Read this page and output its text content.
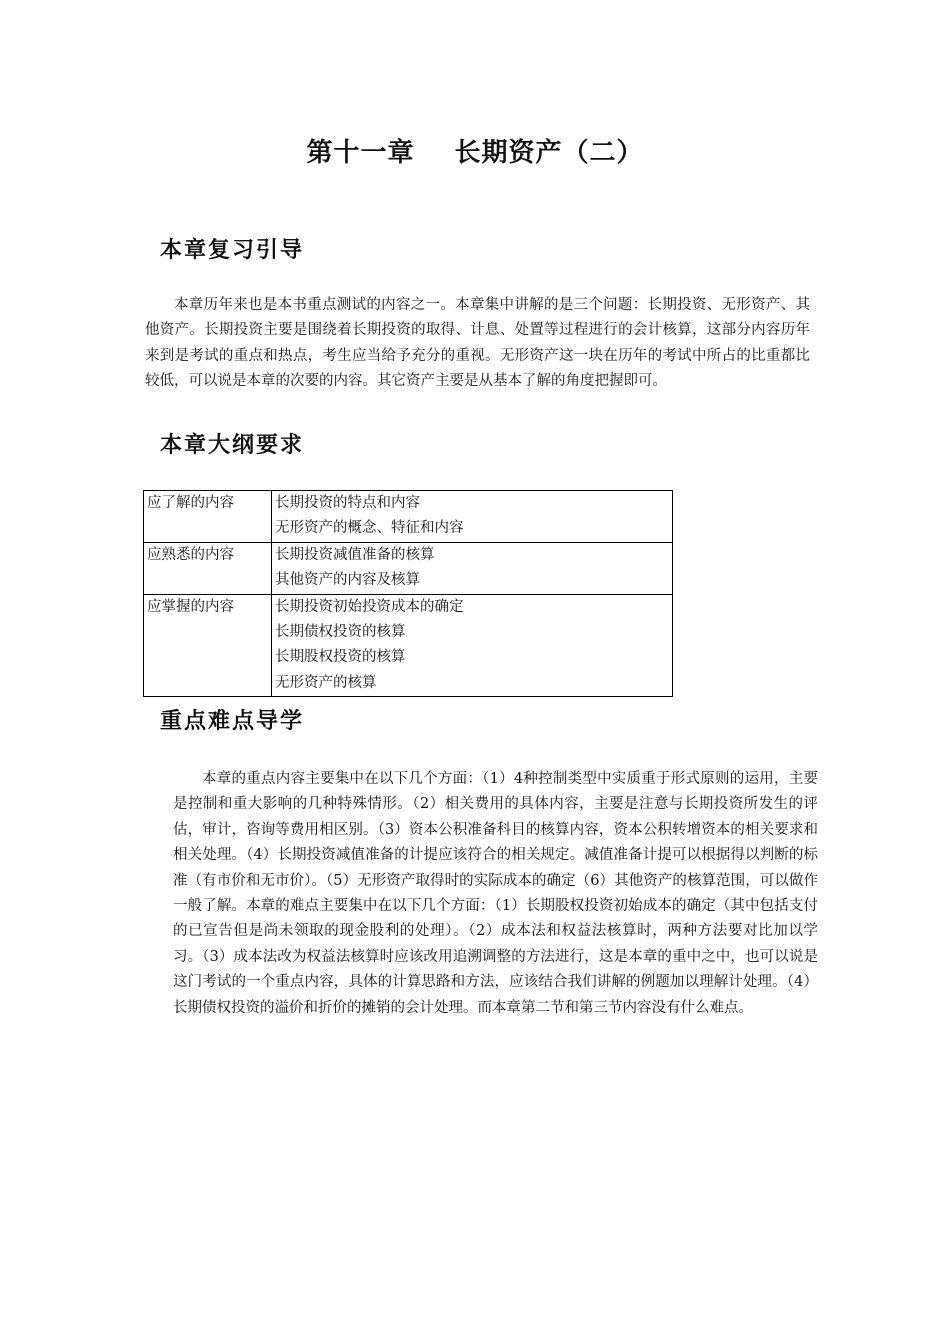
第十一章 长期资产（二）
本章复习引导

本章历年来也是本书重点测试的内容之一。本章集中讲解的是三个问题：长期投资、无形资产、其他资产。长期投资主要是围绕着长期投资的取得、计息、处置等过程进行的会计核算，这部分内容历年来到是考试的重点和热点，考生应当给予充分的重视。无形资产这一块在历年的考试中所占的比重都比较低，可以说是本章的次要的内容。其它资产主要是从基本了解的角度把握即可。

本章大纲要求
应了解的内容	长期投资的特点和内容
无形资产的概念、特征和内容

应熟悉的内容	长期投资减值准备的核算
其他资产的内容及核算

应掌握的内容	长期投资初始投资成本的确定
长期债权投资的核算
长期股权投资的核算
无形资产的核算
重点难点导学

本章的重点内容主要集中在以下几个方面：（1）4种控制类型中实质重于形式原则的运用，主要是控制和重大影响的几种特殊情形。（2）相关费用的具体内容，主要是注意与长期投资所发生的评估，审计，咨询等费用相区别。（3）资本公积准备科目的核算内容，资本公积转增资本的相关要求和相关处理。（4）长期投资减值准备的计提应该符合的相关规定。减值准备计提可以根据得以判断的标准（有市价和无市价）。（5）无形资产取得时的实际成本的确定（6）其他资产的核算范围，可以做作一般了解。本章的难点主要集中在以下几个方面：（1）长期股权投资初始成本的确定（其中包括支付的已宣告但是尚未领取的现金股利的处理）。（2）成本法和权益法核算时，两种方法要对比加以学习。（3）成本法改为权益法核算时应该改用追溯调整的方法进行，这是本章的重中之中，也可以说是这门考试的一个重点内容，具体的计算思路和方法，应该结合我们讲解的例题加以理解计处理。（4）长期债权投资的溢价和折价的摊销的会计处理。而本章第二节和第三节内容没有什么难点。
